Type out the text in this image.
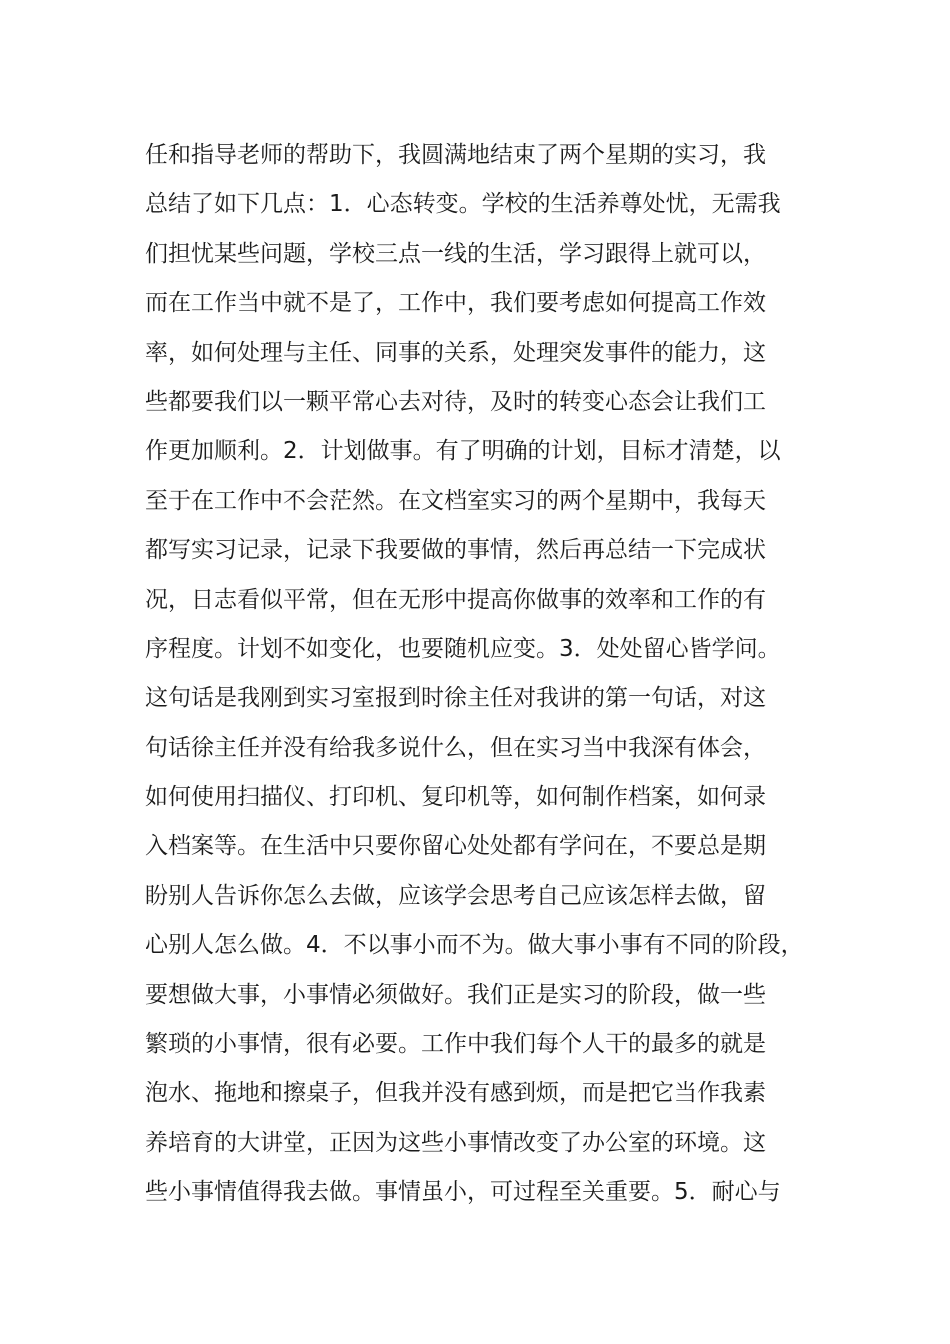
任和指导老师的帮助下，我圆满地结束了两个星期的实习，我
总结了如下几点：1．心态转变。学校的生活养尊处忧，无需我
们担忧某些问题，学校三点一线的生活，学习跟得上就可以，
而在工作当中就不是了，工作中，我们要考虑如何提高工作效
率，如何处理与主任、同事的关系，处理突发事件的能力，这
些都要我们以一颗平常心去对待，及时的转变心态会让我们工
作更加顺利。2．计划做事。有了明确的计划，目标才清楚，以
至于在工作中不会茫然。在文档室实习的两个星期中，我每天
都写实习记录，记录下我要做的事情，然后再总结一下完成状
况，日志看似平常，但在无形中提高你做事的效率和工作的有
序程度。计划不如变化，也要随机应变。3．处处留心皆学问。
这句话是我刚到实习室报到时徐主任对我讲的第一句话，对这
句话徐主任并没有给我多说什么，但在实习当中我深有体会，
如何使用扫描仪、打印机、复印机等，如何制作档案，如何录
入档案等。在生活中只要你留心处处都有学问在，不要总是期
盼别人告诉你怎么去做，应该学会思考自己应该怎样去做，留
心别人怎么做。4．不以事小而不为。做大事小事有不同的阶段，
要想做大事，小事情必须做好。我们正是实习的阶段，做一些
繁琐的小事情，很有必要。工作中我们每个人干的最多的就是
泡水、拖地和擦桌子，但我并没有感到烦，而是把它当作我素
养培育的大讲堂，正因为这些小事情改变了办公室的环境。这
些小事情值得我去做。事情虽小，可过程至关重要。5．耐心与
